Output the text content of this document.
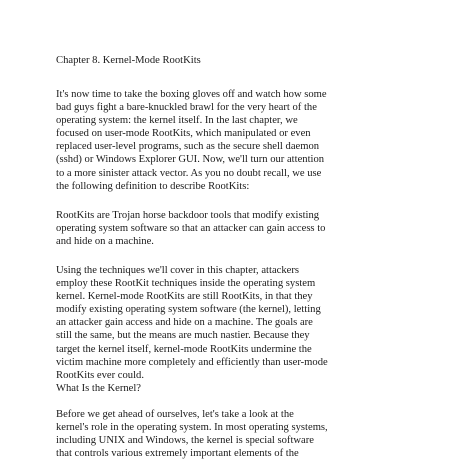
Chapter 8. Kernel-Mode RootKits
It's now time to take the boxing gloves off and watch how some
bad guys fight a bare-knuckled brawl for the very heart of the
operating system: the kernel itself. In the last chapter, we
focused on user-mode RootKits, which manipulated or even
replaced user-level programs, such as the secure shell daemon
(sshd) or Windows Explorer GUI. Now, we'll turn our attention
to a more sinister attack vector. As you no doubt recall, we use
the following definition to describe RootKits:
RootKits are Trojan horse backdoor tools that modify existing
operating system software so that an attacker can gain access to
and hide on a machine.
Using the techniques we'll cover in this chapter, attackers
employ these RootKit techniques inside the operating system
kernel. Kernel-mode RootKits are still RootKits, in that they
modify existing operating system software (the kernel), letting
an attacker gain access and hide on a machine. The goals are
still the same, but the means are much nastier. Because they
target the kernel itself, kernel-mode RootKits undermine the
victim machine more completely and efficiently than user-mode
RootKits ever could.
What Is the Kernel?
Before we get ahead of ourselves, let's take a look at the
kernel's role in the operating system. In most operating systems,
including UNIX and Windows, the kernel is special software
that controls various extremely important elements of the
